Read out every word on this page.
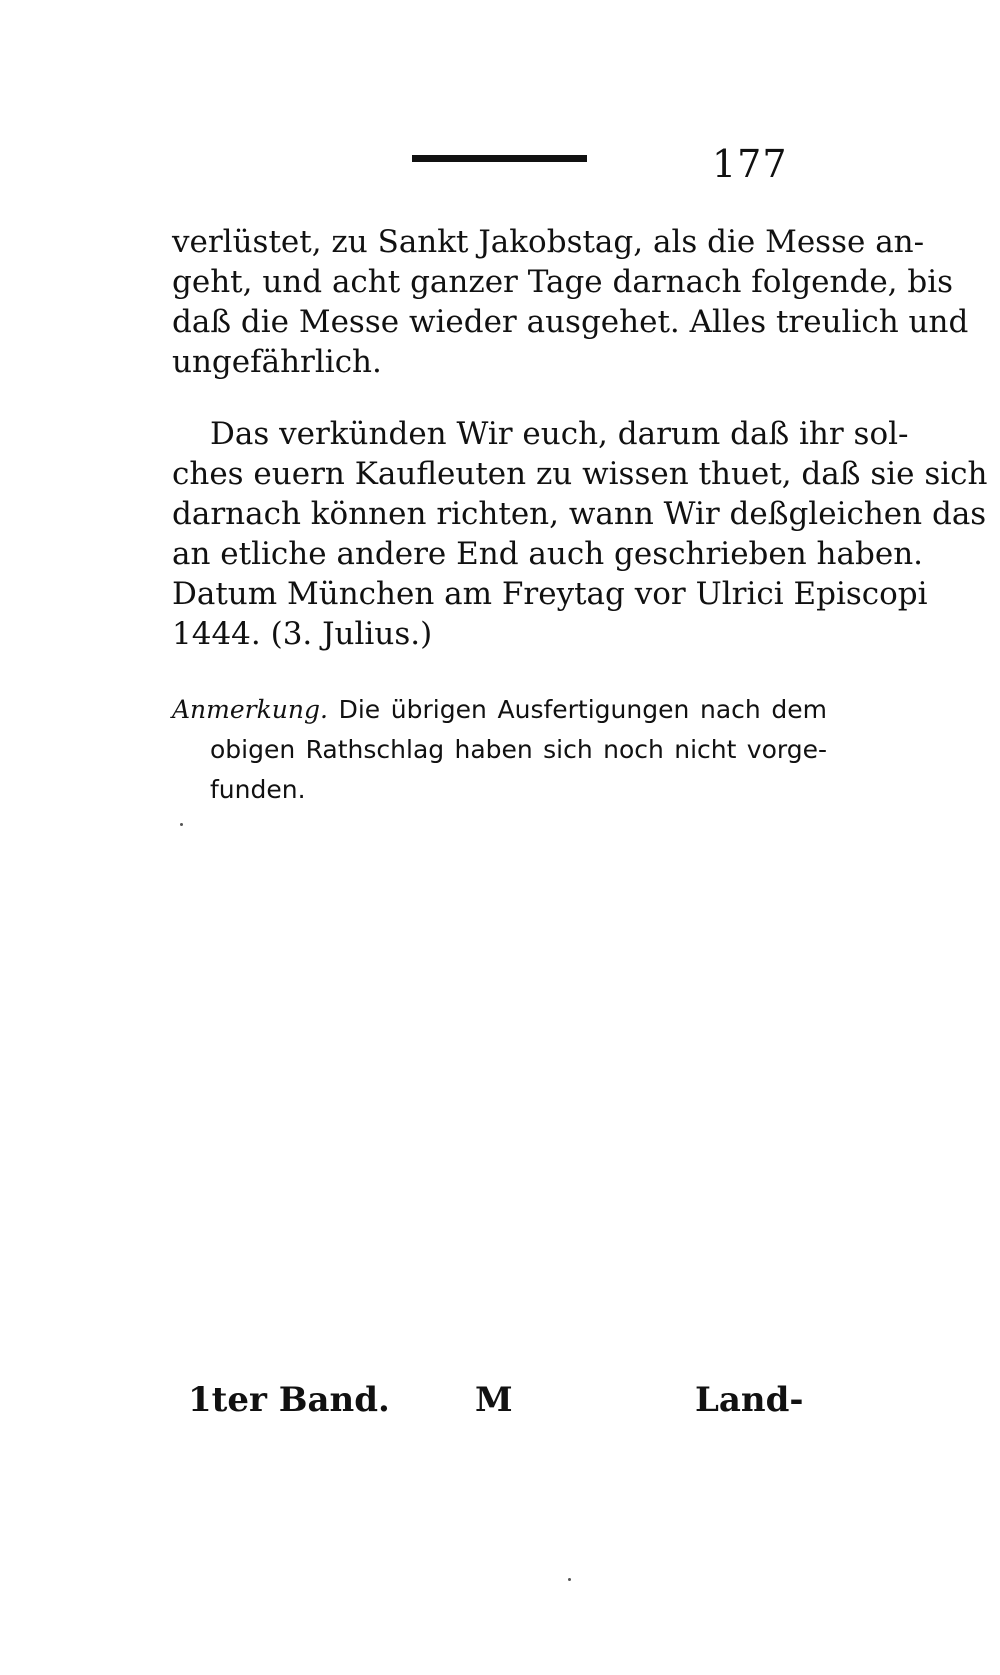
177
verlüstet, zu Sankt Jakobstag, als die Messe an-
geht, und acht ganzer Tage darnach folgende, bis
daß die Messe wieder ausgehet. Alles treulich und
ungefährlich.
Das verkünden Wir euch, darum daß ihr sol-
ches euern Kaufleuten zu wissen thuet, daß sie sich
darnach können richten, wann Wir deßgleichen das
an etliche andere End auch geschrieben haben.
Datum München am Freytag vor Ulrici Episcopi
1444. (3. Julius.)
Anmerkung. Die übrigen Ausfertigungen nach dem
obigen Rathschlag haben sich noch nicht vorge-
funden.
1ter Band.	M	Land-
